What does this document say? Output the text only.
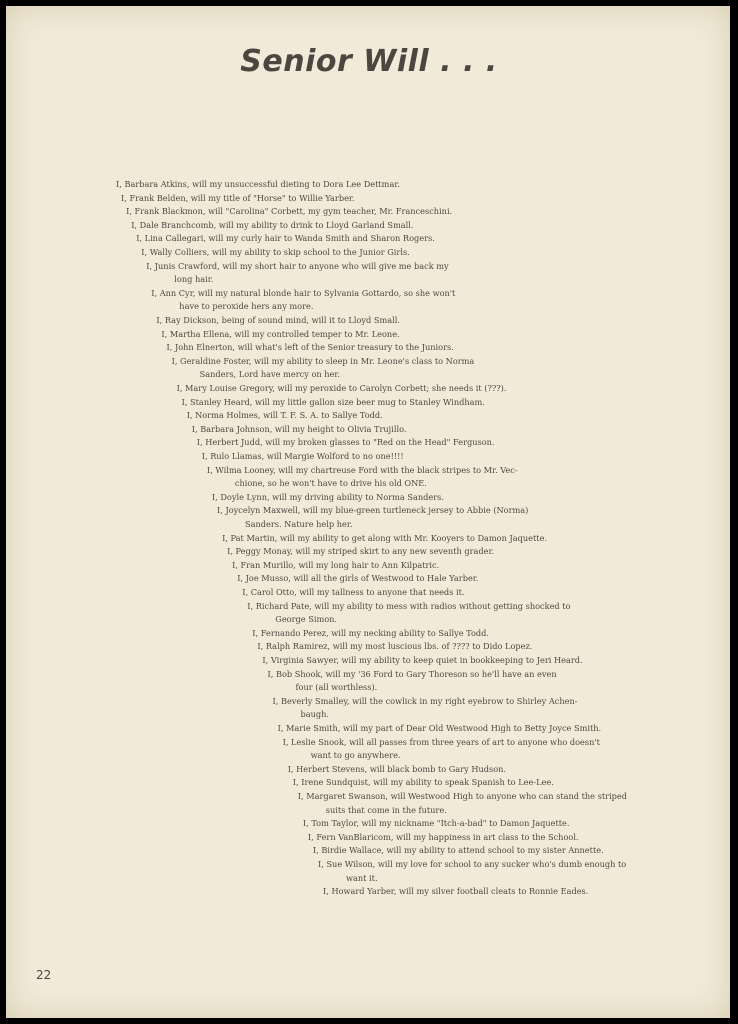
Senior Will . . .
I, Barbara Atkins, will my unsuccessful dieting to Dora Lee Dettmar.
I, Frank Belden, will my title of "Horse" to Willie Yarber.
I, Frank Blackmon, will "Carolina" Corbett, my gym teacher, Mr. Franceschini.
I, Dale Branchcomb, will my ability to drink to Lloyd Garland Small.
I, Lina Callegari, will my curly hair to Wanda Smith and Sharon Rogers.
I, Wally Colliers, will my ability to skip school to the Junior Girls.
I, Junis Crawford, will my short hair to anyone who will give me back my
long hair.
I, Ann Cyr, will my natural blonde hair to Sylvania Gottardo, so she won't
have to peroxide hers any more.
I, Ray Dickson, being of sound mind, will it to Lloyd Small.
I, Martha Ellena, will my controlled temper to Mr. Leone.
I, John Elnerton, will what's left of the Senior treasury to the Juniors.
I, Geraldine Foster, will my ability to sleep in Mr. Leone's class to Norma
Sanders, Lord have mercy on her.
I, Mary Louise Gregory, will my peroxide to Carolyn Corbett; she needs it (???).
I, Stanley Heard, will my little gallon size beer mug to Stanley Windham.
I, Norma Holmes, will T. F. S. A. to Sallye Todd.
I, Barbara Johnson, will my height to Olivia Trujillo.
I, Herbert Judd, will my broken glasses to "Red on the Head" Ferguson.
I, Rulo Llamas, will Margie Wolford to no one!!!!
I, Wilma Looney, will my chartreuse Ford with the black stripes to Mr. Vec-
chione, so he won't have to drive his old ONE.
I, Doyle Lynn, will my driving ability to Norma Sanders.
I, Joycelyn Maxwell, will my blue-green turtleneck jersey to Abbie (Norma)
Sanders. Nature help her.
I, Pat Martin, will my ability to get along with Mr. Kooyers to Damon Jaquette.
I, Peggy Monay, will my striped skirt to any new seventh grader.
I, Fran Murillo, will my long hair to Ann Kilpatric.
I, Joe Musso, will all the girls of Westwood to Hale Yarber.
I, Carol Otto, will my tallness to anyone that needs it.
I, Richard Pate, will my ability to mess with radios without getting shocked to
George Simon.
I, Fernando Perez, will my necking ability to Sallye Todd.
I, Ralph Ramirez, will my most luscious lbs. of ???? to Dido Lopez.
I, Virginia Sawyer, will my ability to keep quiet in bookkeeping to Jeri Heard.
I, Bob Shook, will my '36 Ford to Gary Thoreson so he'll have an even
four (all worthless).
I, Beverly Smalley, will the cowlick in my right eyebrow to Shirley Achen-
baugh.
I, Marie Smith, will my part of Dear Old Westwood High to Betty Joyce Smith.
I, Leslie Snook, will all passes from three years of art to anyone who doesn't
want to go anywhere.
I, Herbert Stevens, will black bomb to Gary Hudson.
I, Irene Sundquist, will my ability to speak Spanish to Lee-Lee.
I, Margaret Swanson, will Westwood High to anyone who can stand the striped
suits that come in the future.
I, Tom Taylor, will my nickname "Itch-a-bad" to Damon Jaquette.
I, Fern VanBlaricom, will my happiness in art class to the School.
I, Birdie Wallace, will my ability to attend school to my sister Annette.
I, Sue Wilson, will my love for school to any sucker who's dumb enough to
want it.
I, Howard Yarber, will my silver football cleats to Ronnie Eades.
22
